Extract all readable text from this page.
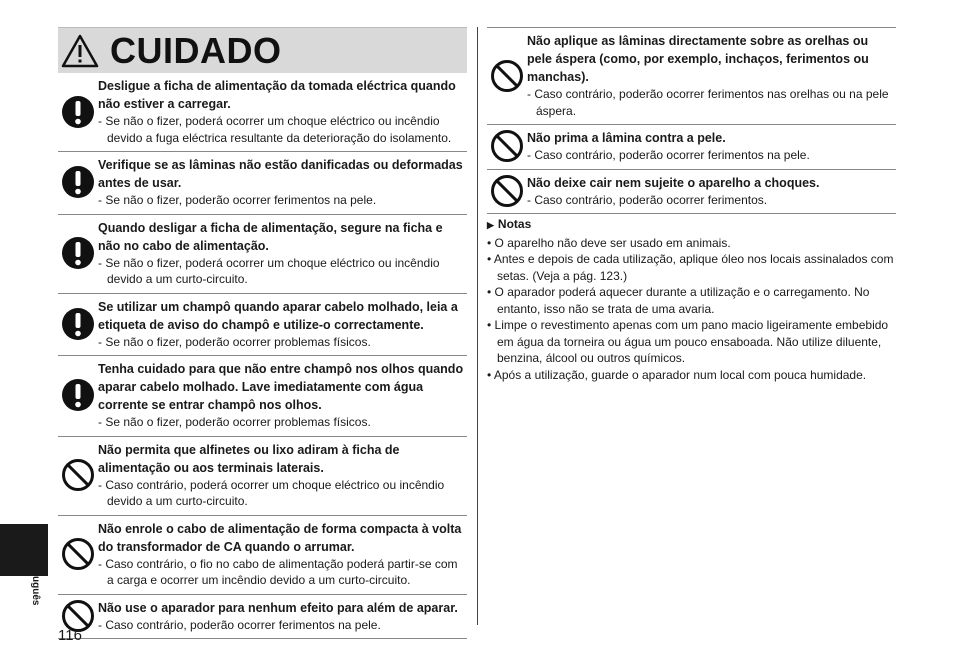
CUIDADO
Desligue a ficha de alimentação da tomada eléctrica quando não estiver a carregar.
- Se não o fizer, poderá ocorrer um choque eléctrico ou incêndio devido a fuga eléctrica resultante da deterioração do isolamento.
Verifique se as lâminas não estão danificadas ou deformadas antes de usar.
- Se não o fizer, poderão ocorrer ferimentos na pele.
Quando desligar a ficha de alimentação, segure na ficha e não no cabo de alimentação.
- Se não o fizer, poderá ocorrer um choque eléctrico ou incêndio devido a um curto-circuito.
Se utilizar um champô quando aparar cabelo molhado, leia a etiqueta de aviso do champô e utilize-o correctamente.
- Se não o fizer, poderão ocorrer problemas físicos.
Tenha cuidado para que não entre champô nos olhos quando aparar cabelo molhado. Lave imediatamente com água corrente se entrar champô nos olhos.
- Se não o fizer, poderão ocorrer problemas físicos.
Não permita que alfinetes ou lixo adiram à ficha de alimentação ou aos terminais laterais.
- Caso contrário, poderá ocorrer um choque eléctrico ou incêndio devido a um curto-circuito.
Não enrole o cabo de alimentação de forma compacta à volta do transformador de CA quando o arrumar.
- Caso contrário, o fio no cabo de alimentação poderá partir-se com a carga e ocorrer um incêndio devido a um curto-circuito.
Não use o aparador para nenhum efeito para além de aparar.
- Caso contrário, poderão ocorrer ferimentos na pele.
Não aplique as lâminas directamente sobre as orelhas ou pele áspera (como, por exemplo, inchaços, ferimentos ou manchas).
- Caso contrário, poderão ocorrer ferimentos nas orelhas ou na pele áspera.
Não prima a lâmina contra a pele.
- Caso contrário, poderão ocorrer ferimentos na pele.
Não deixe cair nem sujeite o aparelho a choques.
- Caso contrário, poderão ocorrer ferimentos.
▶ Notas
• O aparelho não deve ser usado em animais.
• Antes e depois de cada utilização, aplique óleo nos locais assinalados com setas. (Veja a pág. 123.)
• O aparador poderá aquecer durante a utilização e o carregamento. No entanto, isso não se trata de uma avaria.
• Limpe o revestimento apenas com um pano macio ligeiramente embebido em água da torneira ou água um pouco ensaboada. Não utilize diluente, benzina, álcool ou outros químicos.
• Após a utilização, guarde o aparador num local com pouca humidade.
Português
116
